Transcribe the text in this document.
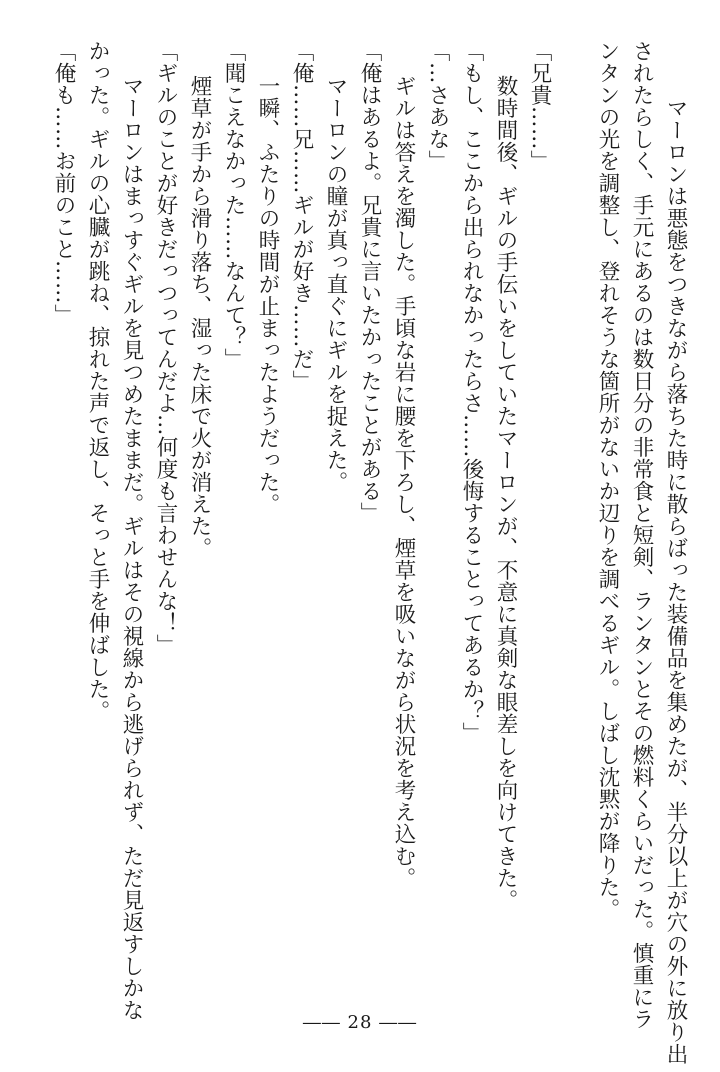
マーロンは悪態をつきながら落ちた時に散らばった装備品を集めたが、半分以上が穴の外に放り出

されたらしく、手元にあるのは数日分の非常食と短剣、ランタンとその燃料くらいだった。慎重にラ

ンタンの光を調整し、登れそうな箇所がないか辺りを調べるギル。しばし沈黙が降りた。

「兄貴……」

数時間後、ギルの手伝いをしていたマーロンが、不意に真剣な眼差しを向けてきた。

「もし、ここから出られなかったらさ……後悔することってあるか？」

「…さあな」

ギルは答えを濁した。手頃な岩に腰を下ろし、煙草を吸いながら状況を考え込む。

「俺はあるよ。兄貴に言いたかったことがある」

マーロンの瞳が真っ直ぐにギルを捉えた。

「俺……兄……ギルが好き……だ」

一瞬、ふたりの時間が止まったようだった。

「聞こえなかった……なんて？」

煙草が手から滑り落ち、湿った床で火が消えた。

「ギルのことが好きだっつってんだよ…何度も言わせんな！」

マーロンはまっすぐギルを見つめたままだ。ギルはその視線から逃げられず、ただ見返すしかな

かった。ギルの心臓が跳ね、掠れた声で返し、そっと手を伸ばした。

「俺も……お前のこと……」

―― 28 ――
